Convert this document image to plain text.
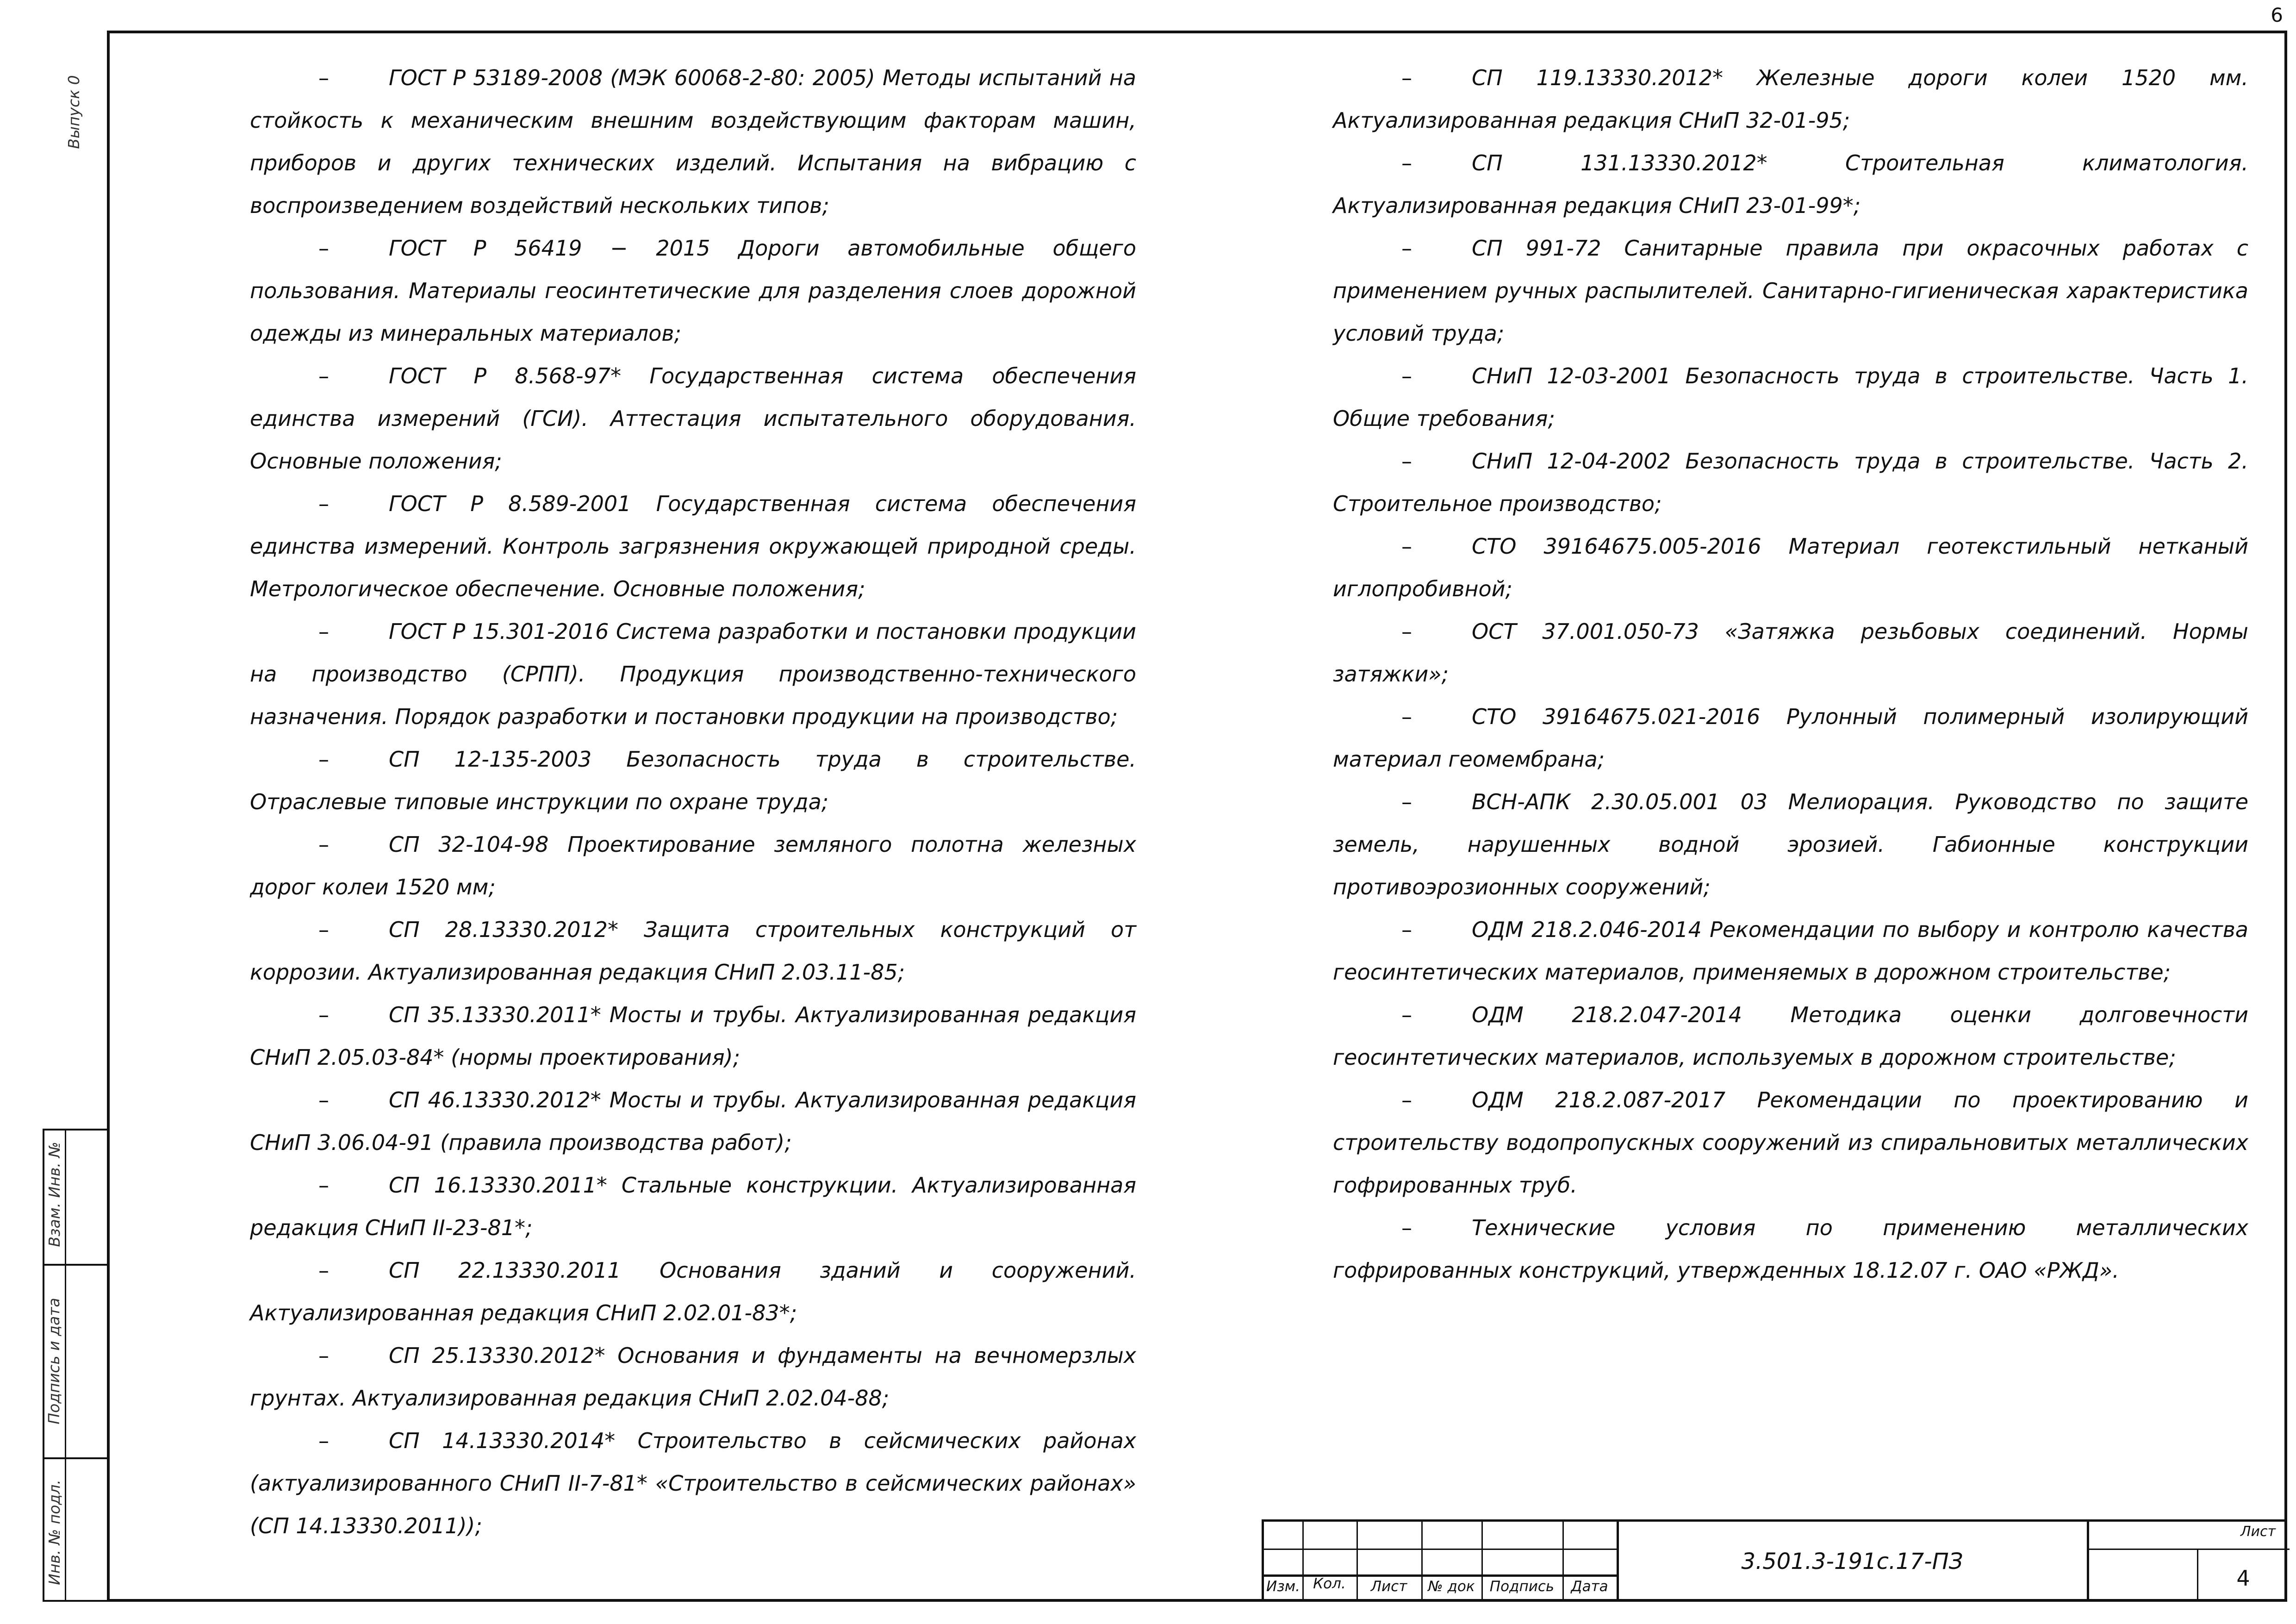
6
Выпуск 0
Взам. Инв. №
Подпись и дата
Инв. № подл.

–	ГОСТ Р 53189-2008 (МЭК 60068-2-80: 2005) Методы испытаний на стойкость к механическим внешним воздействующим факторам машин, приборов и других технических изделий. Испытания на вибрацию с воспроизведением воздействий нескольких типов;

–	ГОСТ Р 56419 − 2015 Дороги автомобильные общего пользования. Материалы геосинтетические для разделения слоев дорожной одежды из минеральных материалов;

–	ГОСТ Р 8.568-97* Государственная система обеспечения единства измерений (ГСИ). Аттестация испытательного оборудования. Основные положения;

–	ГОСТ Р 8.589-2001 Государственная система обеспечения единства измерений. Контроль загрязнения окружающей природной среды. Метрологическое обеспечение. Основные положения;

–	ГОСТ Р 15.301-2016 Система разработки и постановки продукции на производство (СРПП). Продукция производственно-технического назначения. Порядок разработки и постановки продукции на производство;

–	СП 12-135-2003 Безопасность труда в строительстве. Отраслевые типовые инструкции по охране труда;

–	СП 32-104-98 Проектирование земляного полотна железных дорог колеи 1520 мм;

–	СП 28.13330.2012* Защита строительных конструкций от коррозии. Актуализированная редакция СНиП 2.03.11-85;

–	СП 35.13330.2011* Мосты и трубы. Актуализированная редакция СНиП 2.05.03-84* (нормы проектирования);

–	СП 46.13330.2012* Мосты и трубы. Актуализированная редакция СНиП 3.06.04-91 (правила производства работ);

–	СП 16.13330.2011* Стальные конструкции. Актуализированная редакция СНиП II-23-81*;

–	СП 22.13330.2011 Основания зданий и сооружений. Актуализированная редакция СНиП 2.02.01-83*;

–	СП 25.13330.2012* Основания и фундаменты на вечномерзлых грунтах. Актуализированная редакция СНиП 2.02.04-88;

–	СП 14.13330.2014* Строительство в сейсмических районах (актуализированного СНиП II-7-81* «Строительство в сейсмических районах» (СП 14.13330.2011));

–	СП 119.13330.2012* Железные дороги колеи 1520 мм. Актуализированная редакция СНиП 32-01-95;

–	СП 131.13330.2012* Строительная климатология. Актуализированная редакция СНиП 23-01-99*;

–	СП 991-72 Санитарные правила при окрасочных работах с применением ручных распылителей. Санитарно-гигиеническая характеристика условий труда;

–	СНиП 12-03-2001 Безопасность труда в строительстве. Часть 1. Общие требования;

–	СНиП 12-04-2002 Безопасность труда в строительстве. Часть 2. Строительное производство;

–	СТО 39164675.005-2016 Материал геотекстильный нетканый иглопробивной;

–	ОСТ 37.001.050-73 «Затяжка резьбовых соединений. Нормы затяжки»;

–	СТО 39164675.021-2016 Рулонный полимерный изолирующий материал геомембрана;

–	ВСН-АПК 2.30.05.001 03 Мелиорация. Руководство по защите земель, нарушенных водной эрозией. Габионные конструкции противоэрозионных сооружений;

–	ОДМ 218.2.046-2014 Рекомендации по выбору и контролю качества геосинтетических материалов, применяемых в дорожном строительстве;

–	ОДМ 218.2.047-2014 Методика оценки долговечности геосинтетических материалов, используемых в дорожном строительстве;

–	ОДМ 218.2.087-2017 Рекомендации по проектированию и строительству водопропускных сооружений из спиральновитых металлических гофрированных труб.

–	Технические условия по применению металлических гофрированных конструкций, утвержденных 18.12.07 г. ОАО «РЖД».

Изм. Кол.	Лист	№ док	Подпись	Дата
3.501.3-191с.17-ПЗ
Лист
4
